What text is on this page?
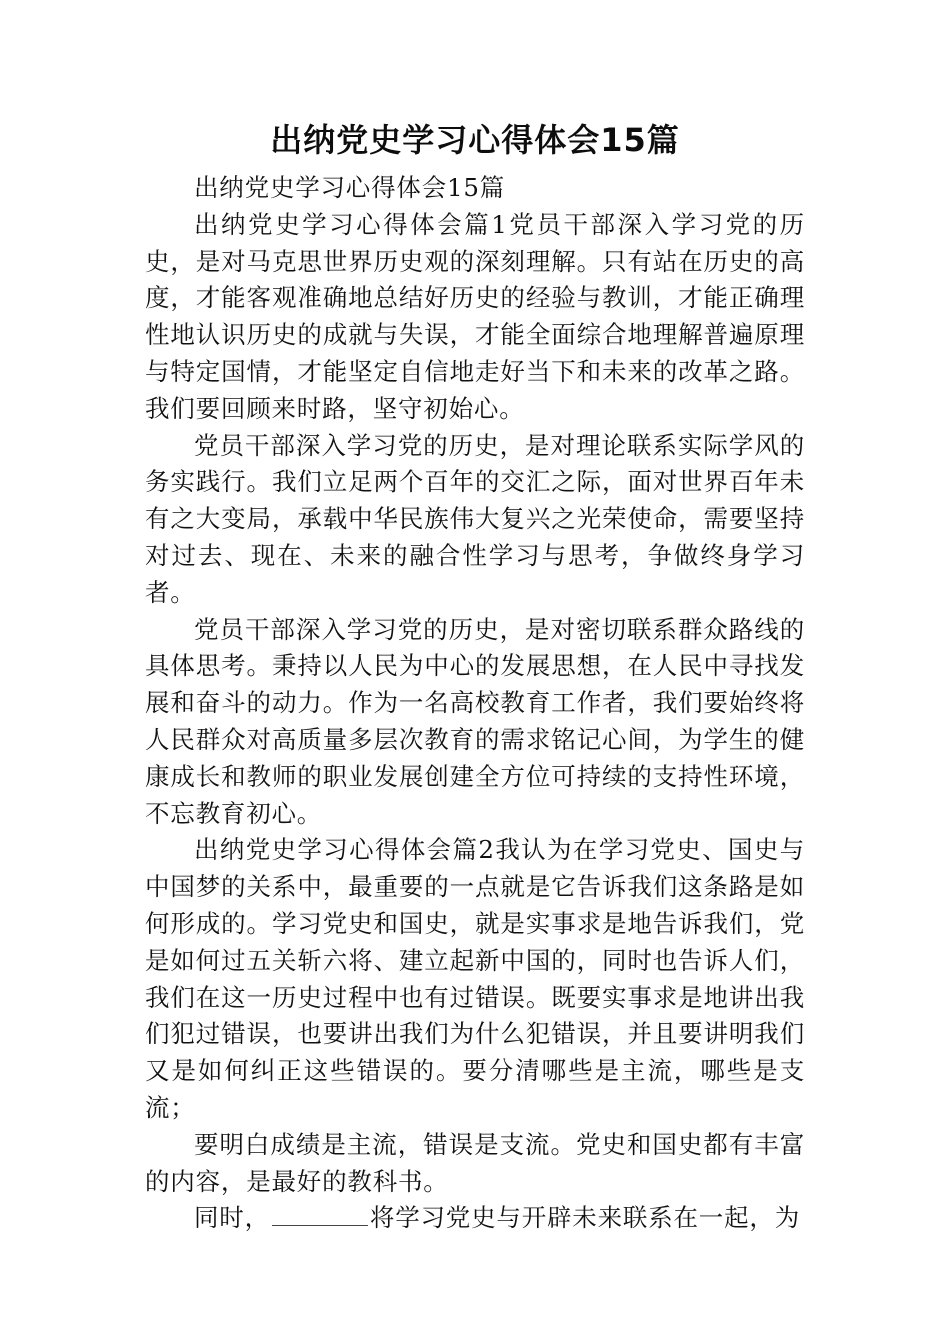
出纳党史学习心得体会15篇

出纳党史学习心得体会15篇

出纳党史学习心得体会篇1党员干部深入学习党的历史，是对马克思世界历史观的深刻理解。只有站在历史的高度，才能客观准确地总结好历史的经验与教训，才能正确理性地认识历史的成就与失误，才能全面综合地理解普遍原理与特定国情，才能坚定自信地走好当下和未来的改革之路。我们要回顾来时路，坚守初始心。

党员干部深入学习党的历史，是对理论联系实际学风的务实践行。我们立足两个百年的交汇之际，面对世界百年未有之大变局，承载中华民族伟大复兴之光荣使命，需要坚持对过去、现在、未来的融合性学习与思考，争做终身学习者。

党员干部深入学习党的历史，是对密切联系群众路线的具体思考。秉持以人民为中心的发展思想，在人民中寻找发展和奋斗的动力。作为一名高校教育工作者，我们要始终将人民群众对高质量多层次教育的需求铭记心间，为学生的健康成长和教师的职业发展创建全方位可持续的支持性环境，不忘教育初心。

出纳党史学习心得体会篇2我认为在学习党史、国史与中国梦的关系中，最重要的一点就是它告诉我们这条路是如何形成的。学习党史和国史，就是实事求是地告诉我们，党是如何过五关斩六将、建立起新中国的，同时也告诉人们，我们在这一历史过程中也有过错误。既要实事求是地讲出我们犯过错误，也要讲出我们为什么犯错误，并且要讲明我们又是如何纠正这些错误的。要分清哪些是主流，哪些是支流；

要明白成绩是主流，错误是支流。党史和国史都有丰富的内容，是最好的教科书。

同时，	将学习党史与开辟未来联系在一起，为
